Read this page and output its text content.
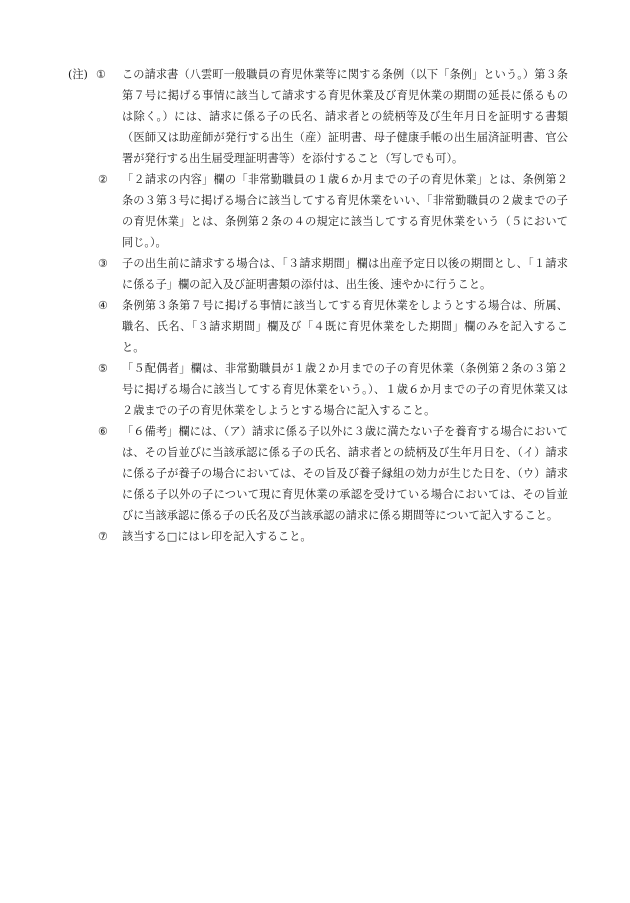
(注) ① この請求書（八雲町一般職員の育児休業等に関する条例（以下「条例」という。）第３条第７号に掲げる事情に該当して請求する育児休業及び育児休業の期間の延長に係るものは除く。）には、請求に係る子の氏名、請求者との続柄等及び生年月日を証明する書類（医師又は助産師が発行する出生（産）証明書、母子健康手帳の出生届済証明書、官公署が発行する出生届受理証明書等）を添付すること（写しでも可）。
② 「２請求の内容」欄の「非常勤職員の１歳６か月までの子の育児休業」とは、条例第２条の３第３号に掲げる場合に該当してする育児休業をいい、「非常勤職員の２歳までの子の育児休業」とは、条例第２条の４の規定に該当してする育児休業をいう（５において同じ。）。
③ 子の出生前に請求する場合は、「３請求期間」欄は出産予定日以後の期間とし、「１請求に係る子」欄の記入及び証明書類の添付は、出生後、速やかに行うこと。
④ 条例第３条第７号に掲げる事情に該当してする育児休業をしようとする場合は、所属、職名、氏名、「３請求期間」欄及び「４既に育児休業をした期間」欄のみを記入すること。
⑤ 「５配偶者」欄は、非常勤職員が１歳２か月までの子の育児休業（条例第２条の３第２号に掲げる場合に該当してする育児休業をいう。）、１歳６か月までの子の育児休業又は２歳までの子の育児休業をしようとする場合に記入すること。
⑥ 「６備考」欄には、（ア）請求に係る子以外に３歳に満たない子を養育する場合においては、その旨並びに当該承認に係る子の氏名、請求者との続柄及び生年月日を、（イ）請求に係る子が養子の場合においては、その旨及び養子縁組の効力が生じた日を、（ウ）請求に係る子以外の子について現に育児休業の承認を受けている場合においては、その旨並びに当該承認に係る子の氏名及び当該承認の請求に係る期間等について記入すること。
⑦ 該当する□にはレ印を記入すること。
